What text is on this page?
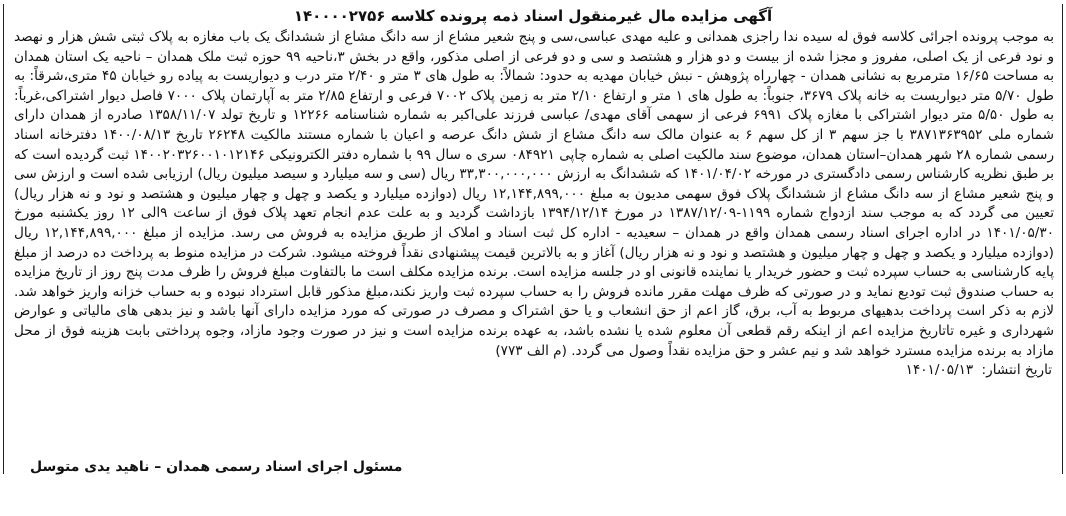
آگهی مزایده مال غیرمنقول اسناد ذمه پرونده کلاسه ۱۴۰۰۰۰۲۷۵۶

به موجب پرونده اجرائی کلاسه فوق له سیده ندا راجزی همدانی و علیه مهدی عباسی،سی و پنج شعیر مشاع از سه دانگ مشاع از ششدانگ یک باب مغازه به پلاک ثبتی شش هزار و نهصد و نود فرعی از یک اصلی، مفروز و مجزا شده از بیست و دو هزار و هشتصد و سی و دو فرعی از اصلی مذکور، واقع در بخش ۳،ناحیه ۹۹ حوزه ثبت ملک همدان – ناحیه یک استان همدان به مساحت ۱۶/۶۵ مترمربع به نشانی همدان - چهارراه پژوهش - نبش خیابان مهدیه به حدود: شمالاً: به طول های ۳ متر و ۲/۴۰ متر درب و دیواریست به پیاده رو خیابان ۴۵ متری،شرقاً: به طول ۵/۷۰ متر دیواریست به خانه پلاک ۳۶۷۹، جنوباً: به طول های ۱ متر و ارتفاع ۲/۱۰ متر به زمین پلاک ۷۰۰۲ فرعی و ارتفاع ۲/۸۵ متر به آپارتمان پلاک ۷۰۰۰ فاصل دیوار اشتراکی،غرباً: به طول ۵/۵۰ متر دیوار اشتراکی با مغازه پلاک ۶۹۹۱ فرعی از سهمی آقای مهدی/ عباسی فرزند علی‌اکبر به شماره شناسنامه ۱۲۲۶۶ و تاریخ تولد ۱۳۵۸/۱۱/۰۷ صادره از همدان دارای شماره ملی ۳۸۷۱۳۶۳۹۵۲ با جز سهم ۳ از کل سهم ۶ به عنوان مالک سه دانگ مشاع از شش دانگ عرصه و اعیان با شماره مستند مالکیت ۲۶۲۴۸ تاریخ ۱۴۰۰/۰۸/۱۳ دفترخانه اسناد رسمی شماره ۲۸ شهر همدان–استان همدان، موضوع سند مالکیت اصلی به شماره چاپی ۰۸۴۹۲۱ سری ه سال ۹۹ با شماره دفتر الکترونیکی ۱۴۰۰۲۰۳۲۶۰۰۱۰۱۲۱۴۶ ثبت گردیده است که بر طبق نظریه کارشناس رسمی دادگستری در مورخه ۱۴۰۱/۰۴/۰۲ که ششدانگ به ارزش ۳۳,۳۰۰,۰۰۰,۰۰۰ ریال (سی و سه میلیارد و سیصد میلیون ریال) ارزیابی شده است و ارزش سی و پنج شعیر مشاع از سه دانگ مشاع از ششدانگ پلاک فوق سهمی مدیون به مبلغ ۱۲,۱۴۴,۸۹۹,۰۰۰ ریال (دوازده میلیارد و یکصد و چهل و چهار میلیون و هشتصد و نود و نه هزار ریال) تعیین می گردد که به موجب سند ازدواج شماره ۱۱۹۹-۱۳۸۷/۱۲/۰۹ در مورخ ۱۳۹۴/۱۲/۱۴ بازداشت گردید و به علت عدم انجام تعهد پلاک فوق از ساعت ۹الی ۱۲ روز یکشنبه مورخ ۱۴۰۱/۰۵/۳۰ در اداره اجرای اسناد رسمی همدان واقع در همدان – سعیدیه - اداره کل ثبت اسناد و املاک از طریق مزایده به فروش می رسد. مزایده از مبلغ ۱۲,۱۴۴,۸۹۹,۰۰۰ ریال (دوازده میلیارد و یکصد و چهل و چهار میلیون و هشتصد و نود و نه هزار ریال) آغاز و به بالاترین قیمت پیشنهادی نقداً فروخته میشود. شرکت در مزایده منوط به پرداخت ده درصد از مبلغ پایه کارشناسی به حساب سپرده ثبت و حضور خریدار یا نماینده قانونی او در جلسه مزایده است. برنده مزایده مکلف است ما بالتفاوت مبلغ فروش را ظرف مدت پنج روز از تاریخ مزایده به حساب صندوق ثبت تودیع نماید و در صورتی که ظرف مهلت مقرر مانده فروش را به حساب سپرده ثبت واریز نکند،مبلغ مذکور قابل استرداد نبوده و به حساب خزانه واریز خواهد شد. لازم به ذکر است پرداخت بدهیهای مربوط به آب، برق، گاز اعم از حق انشعاب و یا حق اشتراک و مصرف در صورتی که مورد مزایده دارای آنها باشد و نیز بدهی های مالیاتی و عوارض شهرداری و غیره تاتاریخ مزایده اعم از اینکه رقم قطعی آن معلوم شده یا نشده باشد، به عهده برنده مزایده است و نیز در صورت وجود مازاد، وجوه پرداختی بابت هزینه فوق از محل مازاد به برنده مزایده مسترد خواهد شد و نیم عشر و حق مزایده نقداً وصول می گردد. (م الف ۷۷۳)

تاریخ انتشار: ۱۴۰۱/۰۵/۱۳

مسئول اجرای اسناد رسمی همدان – ناهید یدی متوسل
